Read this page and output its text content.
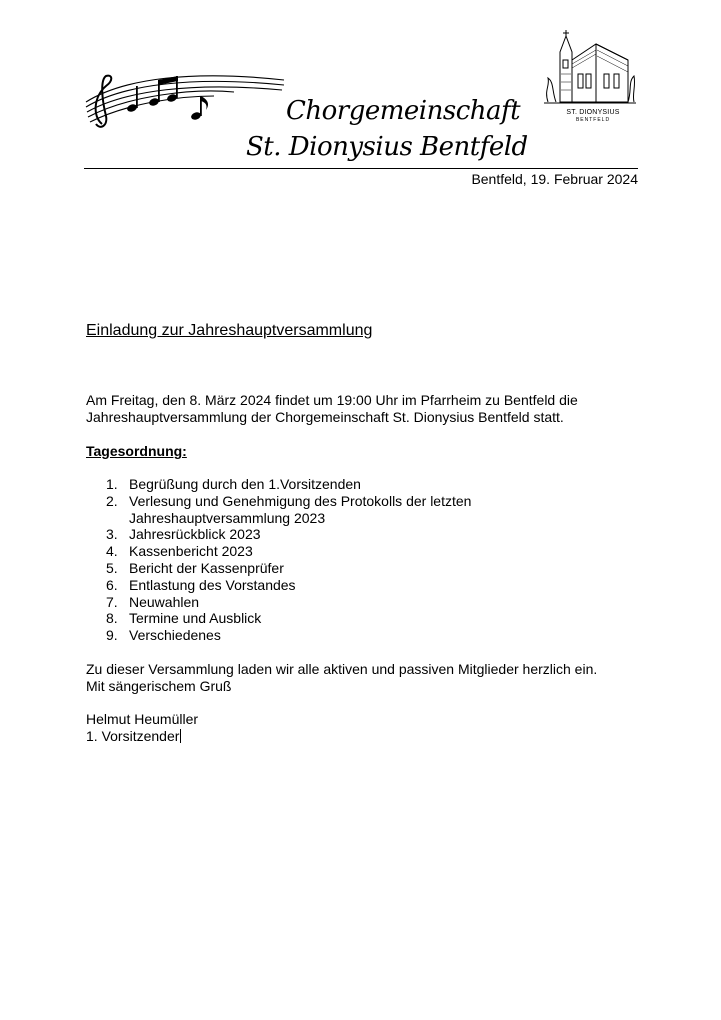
Chorgemeinschaft
St. Dionysius Bentfeld
ST. DIONYSIUS
BENTFELD
Bentfeld, 19. Februar 2024
Einladung zur Jahreshauptversammlung
Am Freitag, den 8. März 2024 findet um 19:00 Uhr im Pfarrheim zu Bentfeld die
Jahreshauptversammlung der Chorgemeinschaft St. Dionysius Bentfeld statt.
Tagesordnung:
1. Begrüßung durch den 1.Vorsitzenden
2. Verlesung und Genehmigung des Protokolls der letzten
Jahreshauptversammlung 2023
3. Jahresrückblick 2023
4. Kassenbericht 2023
5. Bericht der Kassenprüfer
6. Entlastung des Vorstandes
7. Neuwahlen
8. Termine und Ausblick
9. Verschiedenes
Zu dieser Versammlung laden wir alle aktiven und passiven Mitglieder herzlich ein.
Mit sängerischem Gruß
Helmut Heumüller
1. Vorsitzender
